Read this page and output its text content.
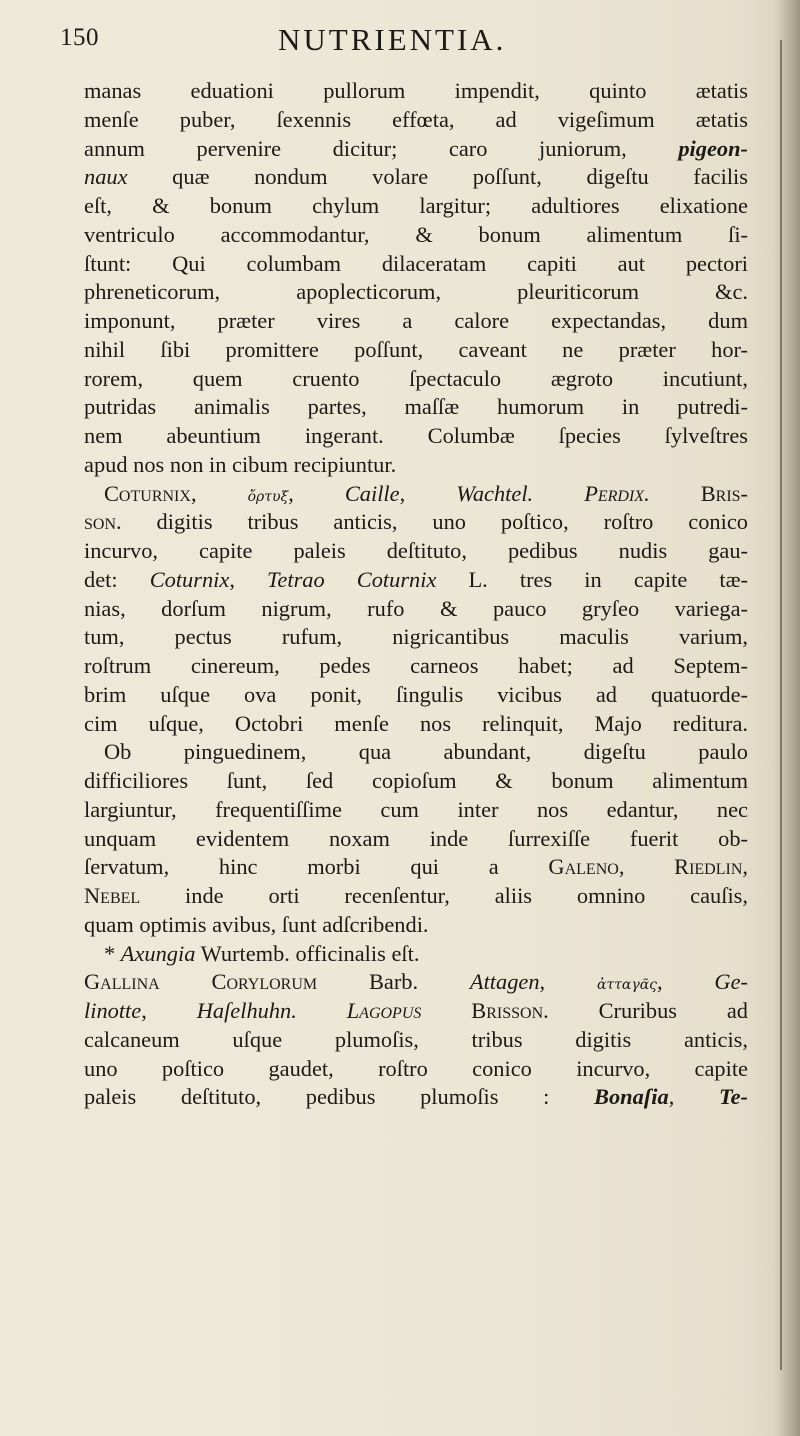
150	NUTRIENTIA.
manas eduationi pullorum impendit, quinto ætatis
menſe puber, ſexennis effœta, ad vigeſimum ætatis
annum pervenire dicitur; caro juniorum, pigeon-
naux quæ nondum volare poſſunt, digeſtu facilis
eſt, & bonum chylum largitur; adultiores elixatione
ventriculo accommodantur, & bonum alimentum ſi-
ſtunt: Qui columbam dilaceratam capiti aut pectori
phreneticorum, apoplecticorum, pleuriticorum &c.
imponunt, præter vires a calore expectandas, dum
nihil ſibi promittere poſſunt, caveant ne præter hor-
rorem, quem cruento ſpectaculo ægroto incutiunt,
putridas animalis partes, maſſæ humorum in putredi-
nem abeuntium ingerant. Columbæ ſpecies ſylveſtres
apud nos non in cibum recipiuntur.
Coturnix, ὄρτυξ, Caille, Wachtel. Perdix. Bris-
son. digitis tribus anticis, uno poſtico, roſtro conico
incurvo, capite paleis deſtituto, pedibus nudis gau-
det: Coturnix, Tetrao Coturnix L. tres in capite tæ-
nias, dorſum nigrum, rufo & pauco gryſeo variega-
tum, pectus rufum, nigricantibus maculis varium,
roſtrum cinereum, pedes carneos habet; ad Septem-
brim uſque ova ponit, ſingulis vicibus ad quatuorde-
cim uſque, Octobri menſe nos relinquit, Majo reditura.
Ob pinguedinem, qua abundant, digeſtu paulo
difficiliores ſunt, ſed copioſum & bonum alimentum
largiuntur, frequentiſſime cum inter nos edantur, nec
unquam evidentem noxam inde ſurrexiſſe fuerit ob-
ſervatum, hinc morbi qui a Galeno, Riedlin,
Nebel inde orti recenſentur, aliis omnino cauſis,
quam optimis avibus, ſunt adſcribendi.
* Axungia Wurtemb. officinalis eſt.
Gallina Corylorum Barb. Attagen, ἀτταγᾶς, Ge-
linotte, Haſelhuhn. Lagopus Brisson. Cruribus ad
calcaneum uſque plumoſis, tribus digitis anticis,
uno poſtico gaudet, roſtro conico incurvo, capite
paleis deſtituto, pedibus plumoſis : Bonaſia, Te-
